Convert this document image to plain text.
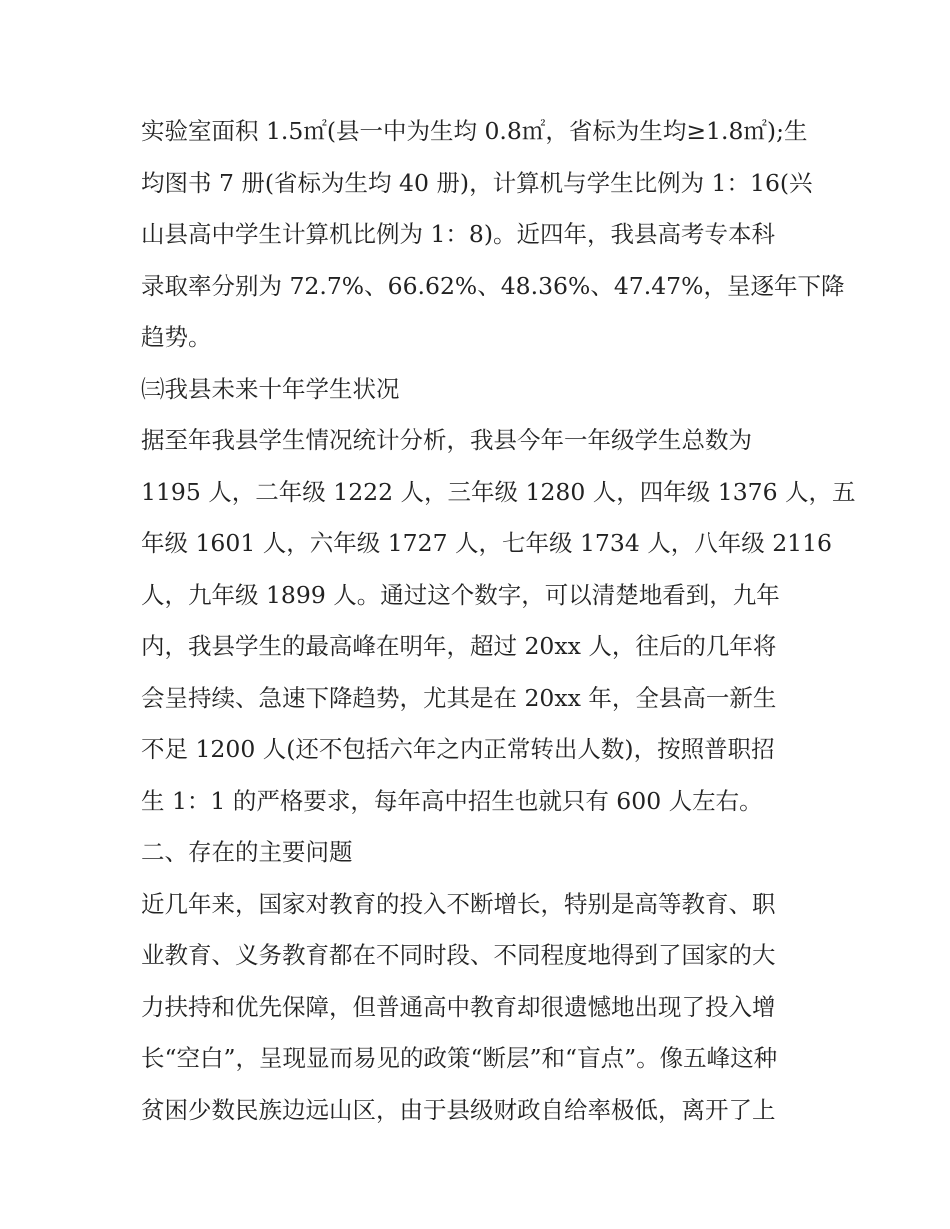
实验室面积 1.5㎡(县一中为生均 0.8㎡，省标为生均≥1.8㎡);生
均图书 7 册(省标为生均 40 册)，计算机与学生比例为 1：16(兴
山县高中学生计算机比例为 1：8)。近四年，我县高考专本科
录取率分别为 72.7%、66.62%、48.36%、47.47%，呈逐年下降
趋势。
㈢我县未来十年学生状况
据至年我县学生情况统计分析，我县今年一年级学生总数为
1195 人，二年级 1222 人，三年级 1280 人，四年级 1376 人，五
年级 1601 人，六年级 1727 人，七年级 1734 人，八年级 2116
人，九年级 1899 人。通过这个数字，可以清楚地看到，九年
内，我县学生的最高峰在明年，超过 20xx 人，往后的几年将
会呈持续、急速下降趋势，尤其是在 20xx 年，全县高一新生
不足 1200 人(还不包括六年之内正常转出人数)，按照普职招
生 1：1 的严格要求，每年高中招生也就只有 600 人左右。
二、存在的主要问题
近几年来，国家对教育的投入不断增长，特别是高等教育、职
业教育、义务教育都在不同时段、不同程度地得到了国家的大
力扶持和优先保障，但普通高中教育却很遗憾地出现了投入增
长“空白”，呈现显而易见的政策“断层”和“盲点”。像五峰这种
贫困少数民族边远山区，由于县级财政自给率极低，离开了上
